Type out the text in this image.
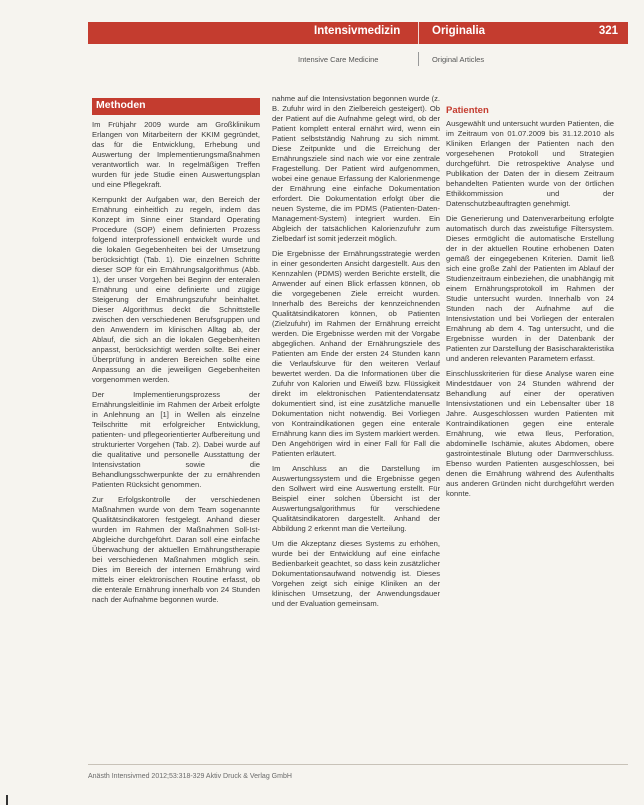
Intensivmedizin	Originalia	321
Intensive Care Medicine	Original Articles
Methoden

Im Frühjahr 2009 wurde am Großklinikum Erlangen von Mitarbeitern der KKIM gegründet, das für die Entwicklung, Erhebung und Auswertung der Implementierungsmaßnahmen verantwortlich war. In regelmäßigen Treffen wurden für jede Studie einen Auswertungsplan und eine Pflegekraft.

Kernpunkt der Aufgaben war, den Bereich der Ernährung einheitlich zu regeln, indem das Konzept im Sinne einer Standard Operating Procedure (SOP) einem definierten Prozess folgend interprofessionell entwickelt wurde und die lokalen Gegebenheiten bei der Umsetzung berücksichtigt (Tab. 1). Die einzelnen Schritte dieser SOP für ein Ernährungsalgorithmus (Abb. 1), der unser Vorgehen bei Beginn der enteralen Ernährung und eine definierte und zügige Steigerung der Ernährungszufuhr beinhaltet. Dieser Algorithmus deckt die Schnittstelle zwischen den verschiedenen Berufsgruppen und den Anwendern im klinischen Alltag ab, der Ablauf, die sich an die lokalen Gegebenheiten anpasst, berücksichtigt werden sollte. Bei einer Überprüfung in anderen Bereichen sollte eine Anpassung an die jeweiligen Gegebenheiten vorgenommen werden.

Der Implementierungsprozess der Ernährungsleitlinie im Rahmen der Arbeit erfolgte in Anlehnung an [1] in Wellen als einzelne Teilschritte mit erfolgreicher Entwicklung, patienten- und pflegeorientierter Aufbereitung und strukturierter Vorgehen (Tab. 2). Dabei wurde auf die qualitative und personelle Ausstattung der Intensivstation sowie die Behandlungsschwerpunkte der zu ernährenden Patienten Rücksicht genommen.

Zur Erfolgskontrolle der verschiedenen Maßnahmen wurde von dem Team sogenannte Qualitätsindikatoren festgelegt. Anhand dieser wurden im Rahmen der Maßnahmen Soll-Ist-Abgleiche durchgeführt. Daran soll eine einfache Überwachung der aktuellen Ernährungstherapie bei verschiedenen Maßnahmen möglich sein. Dies im Bereich der internen Ernährung wird mittels einer elektronischen Routine erfasst, ob die enterale Ernährung innerhalb von 24 Stunden nach der Aufnahme begonnen wurde.

nahme auf die Intensivstation begonnen wurde (z. B. Zufuhr wird in den Zielbereich gesteigert). Ob der Patient auf die Aufnahme gelegt wird, ob der Patient komplett enteral ernährt wird, wenn ein Patient selbstständig Nahrung zu sich nimmt. Diese Zeitpunkte und die Erreichung der Ernährungsziele sind nach wie vor eine zentrale Fragestellung. Der Patient wird aufgenommen, wobei eine genaue Erfassung der Kalorienmenge der Ernährung eine einfache Dokumentation erfordert. Die Dokumentation erfolgt über die neuen Systeme, die im PDMS (Patienten-Daten-Management-System) integriert wurden. Ein Abgleich der tatsächlichen Kalorienzufuhr zum Zielbedarf ist somit jederzeit möglich.

Die Ergebnisse der Ernährungsstrategie werden in einer gesonderten Ansicht dargestellt. Aus den Kennzahlen (PDMS) werden Berichte erstellt, die Anwender auf einen Blick erfassen können, ob die vorgegebenen Ziele erreicht wurden. Innerhalb des Bereichs der kennzeichnenden Qualitätsindikatoren können, ob Patienten (Zielzufuhr) im Rahmen der Ernährung erreicht werden. Die Ergebnisse werden mit der Vorgabe abgeglichen. Anhand der Ernährungsziele des Patienten am Ende der ersten 24 Stunden kann die Verlaufskurve für den weiteren Verlauf bewertet werden. Da die Informationen über die Zufuhr von Kalorien und Eiweiß bzw. Flüssigkeit direkt im elektronischen Patientendatensatz dokumentiert sind, ist eine zusätzliche manuelle Dokumentation nicht notwendig. Bei Vorliegen von Kontraindikationen gegen eine enterale Ernährung kann dies im System markiert werden. Den Angehörigen wird in einer Fall für Fall die Patienten erläutert.

Im Anschluss an die Darstellung im Auswertungssystem und die Ergebnisse gegen den Sollwert wird eine Auswertung erstellt. Für Beispiel einer solchen Übersicht ist der Auswertungsalgorithmus für verschiedene Qualitätsindikatoren dargestellt. Anhand der Abbildung 2 erkennt man die Verteilung.

Um die Akzeptanz dieses Systems zu erhöhen, wurde bei der Entwicklung auf eine einfache Bedienbarkeit geachtet, so dass kein zusätzlicher Dokumentationsaufwand notwendig ist. Dieses Vorgehen zeigt sich einige Kliniken an der klinischen Umsetzung, der Anwendungsdauer und der Evaluation gemeinsam.

Patienten

Ausgewählt und untersucht wurden Patienten, die im Zeitraum von 01.07.2009 bis 31.12.2010 als Kliniken Erlangen der Patienten nach den vorgesehenen Protokoll und Strategien durchgeführt. Die retrospektive Analyse und Publikation der Daten der in diesem Zeitraum behandelten Patienten wurde von der örtlichen Ethikkommission und der Datenschutzbeauftragten genehmigt.

Die Generierung und Datenverarbeitung erfolgte automatisch durch das zweistufige Filtersystem. Dieses ermöglicht die automatische Erstellung der in der aktuellen Routine erhobenen Daten gemäß der eingegebenen Kriterien. Damit ließ sich eine große Zahl der Patienten im Ablauf der Studienzeitraum einbeziehen, die unabhängig mit einem Ernährungsprotokoll im Rahmen der Studie untersucht wurden. Innerhalb von 24 Stunden nach der Aufnahme auf die Intensivstation und bei Vorliegen der enteralen Ernährung ab dem 4. Tag untersucht, und die Ergebnisse wurden in der Datenbank der Patienten zur Darstellung der Basischarakteristika und anderen relevanten Parametern erfasst.

Einschlusskriterien für diese Analyse waren eine Mindestdauer von 24 Stunden während der Behandlung auf einer der operativen Intensivstationen und ein Lebensalter über 18 Jahre. Ausgeschlossen wurden Patienten mit Kontraindikationen gegen eine enterale Ernährung, wie etwa Ileus, Perforation, abdominelle Ischämie, akutes Abdomen, obere gastrointestinale Blutung oder Darmverschluss. Ebenso wurden Patienten ausgeschlossen, bei denen die Ernährung während des Aufenthalts aus anderen Gründen nicht durchgeführt werden konnte.

Anästh Intensivmed 2012;53:318-329 Aktiv Druck & Verlag GmbH
